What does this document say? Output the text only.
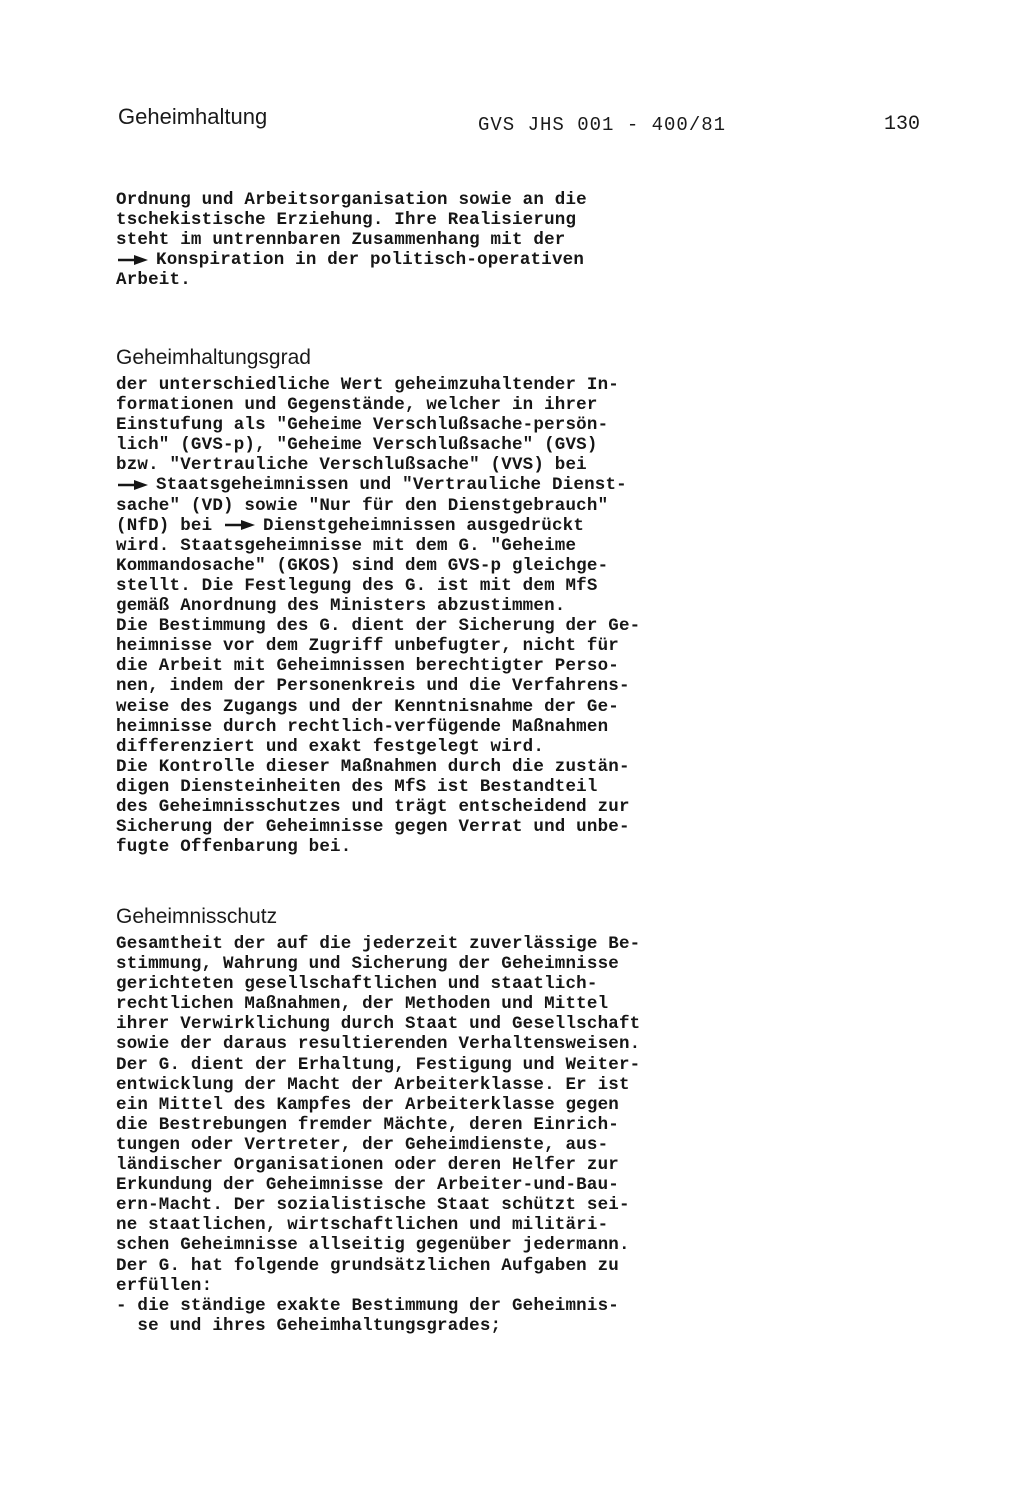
Geheimhaltung	GVS JHS 001 - 400/81	130
Ordnung und Arbeitsorganisation sowie an die
tschekistische Erziehung. Ihre Realisierung
steht im untrennbaren Zusammenhang mit der
Konspiration in der politisch-operativen
Arbeit.
Geheimhaltungsgrad
der unterschiedliche Wert geheimzuhaltender In-
formationen und Gegenstände, welcher in ihrer
Einstufung als "Geheime Verschlußsache-persön-
lich" (GVS-p), "Geheime Verschlußsache" (GVS)
bzw. "Vertrauliche Verschlußsache" (VVS) bei
Staatsgeheimnissen und "Vertrauliche Dienst-
sache" (VD) sowie "Nur für den Dienstgebrauch"
(NfD) bei
Dienstgeheimnissen ausgedrückt
wird. Staatsgeheimnisse mit dem G. "Geheime
Kommandosache" (GKOS) sind dem GVS-p gleichge-
stellt. Die Festlegung des G. ist mit dem MfS
gemäß Anordnung des Ministers abzustimmen.
Die Bestimmung des G. dient der Sicherung der Ge-
heimnisse vor dem Zugriff unbefugter, nicht für
die Arbeit mit Geheimnissen berechtigter Perso-
nen, indem der Personenkreis und die Verfahrens-
weise des Zugangs und der Kenntnisnahme der Ge-
heimnisse durch rechtlich-verfügende Maßnahmen
differenziert und exakt festgelegt wird.
Die Kontrolle dieser Maßnahmen durch die zustän-
digen Diensteinheiten des MfS ist Bestandteil
des Geheimnisschutzes und trägt entscheidend zur
Sicherung der Geheimnisse gegen Verrat und unbe-
fugte Offenbarung bei.
Geheimnisschutz
Gesamtheit der auf die jederzeit zuverlässige Be-
stimmung, Wahrung und Sicherung der Geheimnisse
gerichteten gesellschaftlichen und staatlich-
rechtlichen Maßnahmen, der Methoden und Mittel
ihrer Verwirklichung durch Staat und Gesellschaft
sowie der daraus resultierenden Verhaltensweisen.
Der G. dient der Erhaltung, Festigung und Weiter-
entwicklung der Macht der Arbeiterklasse. Er ist
ein Mittel des Kampfes der Arbeiterklasse gegen
die Bestrebungen fremder Mächte, deren Einrich-
tungen oder Vertreter, der Geheimdienste, aus-
ländischer Organisationen oder deren Helfer zur
Erkundung der Geheimnisse der Arbeiter-und-Bau-
ern-Macht. Der sozialistische Staat schützt sei-
ne staatlichen, wirtschaftlichen und militäri-
schen Geheimnisse allseitig gegenüber jedermann.
Der G. hat folgende grundsätzlichen Aufgaben zu
erfüllen:
- die ständige exakte Bestimmung der Geheimnis-
se und ihres Geheimhaltungsgrades;
